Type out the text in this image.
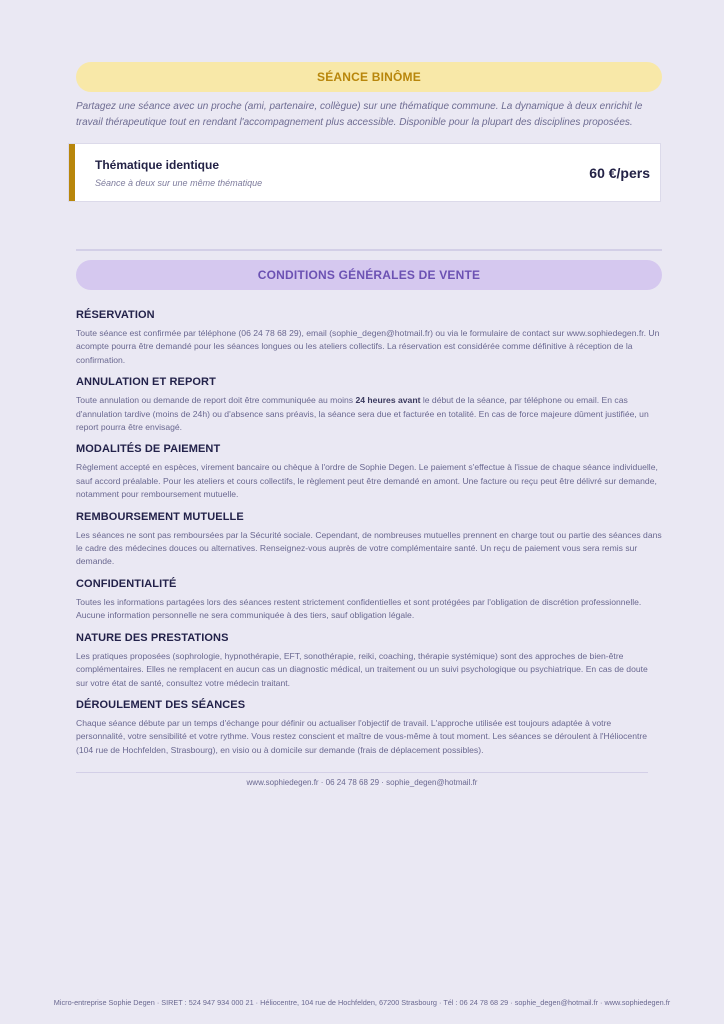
SÉANCE BINÔME

Partagez une séance avec un proche (ami, partenaire, collègue) sur une thématique commune. La dynamique à deux enrichit le travail thérapeutique tout en rendant l'accompagnement plus accessible. Disponible pour la plupart des disciplines proposées.

Thématique identique
Séance à deux sur une même thématique
60 €/pers
CONDITIONS GÉNÉRALES DE VENTE
RÉSERVATION

Toute séance est confirmée par téléphone (06 24 78 68 29), email (sophie_degen@hotmail.fr) ou via le formulaire de contact sur www.sophiedegen.fr. Un acompte pourra être demandé pour les séances longues ou les ateliers collectifs. La réservation est considérée comme définitive à réception de la confirmation.

ANNULATION ET REPORT

Toute annulation ou demande de report doit être communiquée au moins 24 heures avant le début de la séance, par téléphone ou email. En cas d'annulation tardive (moins de 24h) ou d'absence sans préavis, la séance sera due et facturée en totalité. En cas de force majeure dûment justifiée, un report pourra être envisagé.

MODALITÉS DE PAIEMENT

Règlement accepté en espèces, virement bancaire ou chèque à l'ordre de Sophie Degen. Le paiement s'effectue à l'issue de chaque séance individuelle, sauf accord préalable. Pour les ateliers et cours collectifs, le règlement peut être demandé en amont. Une facture ou reçu peut être délivré sur demande, notamment pour remboursement mutuelle.

REMBOURSEMENT MUTUELLE

Les séances ne sont pas remboursées par la Sécurité sociale. Cependant, de nombreuses mutuelles prennent en charge tout ou partie des séances dans le cadre des médecines douces ou alternatives. Renseignez-vous auprès de votre complémentaire santé. Un reçu de paiement vous sera remis sur demande.

CONFIDENTIALITÉ

Toutes les informations partagées lors des séances restent strictement confidentielles et sont protégées par l'obligation de discrétion professionnelle. Aucune information personnelle ne sera communiquée à des tiers, sauf obligation légale.

NATURE DES PRESTATIONS

Les pratiques proposées (sophrologie, hypnothérapie, EFT, sonothérapie, reiki, coaching, thérapie systémique) sont des approches de bien-être complémentaires. Elles ne remplacent en aucun cas un diagnostic médical, un traitement ou un suivi psychologique ou psychiatrique. En cas de doute sur votre état de santé, consultez votre médecin traitant.

DÉROULEMENT DES SÉANCES

Chaque séance débute par un temps d'échange pour définir ou actualiser l'objectif de travail. L'approche utilisée est toujours adaptée à votre personnalité, votre sensibilité et votre rythme. Vous restez conscient et maître de vous-même à tout moment. Les séances se déroulent à l'Héliocentre (104 rue de Hochfelden, Strasbourg), en visio ou à domicile sur demande (frais de déplacement possibles).

www.sophiedegen.fr · 06 24 78 68 29 · sophie_degen@hotmail.fr
Micro-entreprise Sophie Degen · SIRET : 524 947 934 000 21 · Héliocentre, 104 rue de Hochfelden, 67200 Strasbourg · Tél : 06 24 78 68 29 · sophie_degen@hotmail.fr · www.sophiedegen.fr
